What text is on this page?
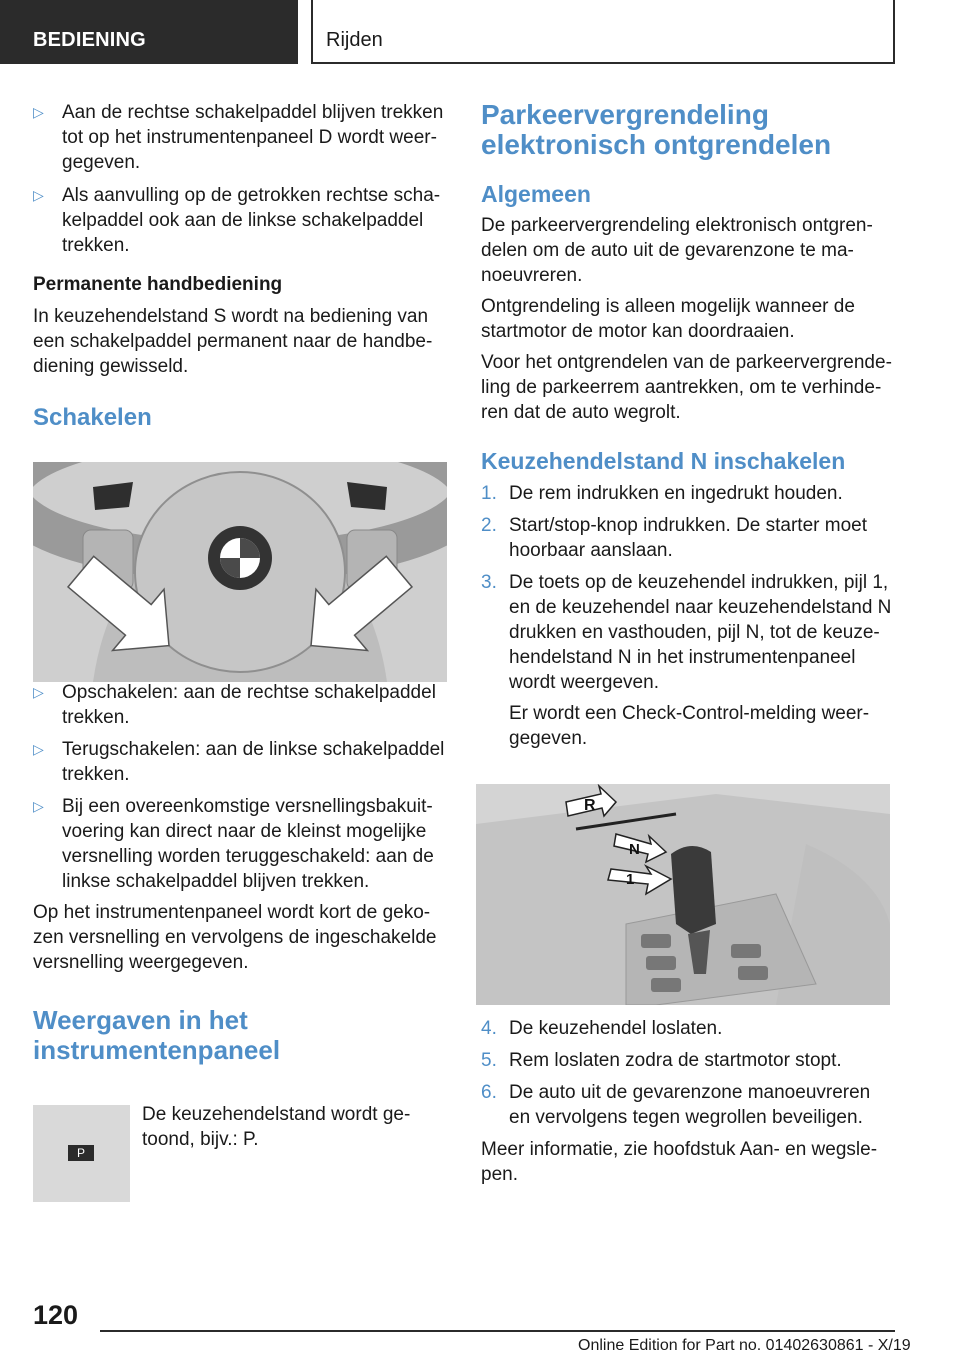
BEDIENING	Rijden

▷ Aan de rechtse schakelpaddel blijven trekken tot op het instrumentenpaneel D wordt weergegeven.

▷ Als aanvulling op de getrokken rechtse schakelpaddel ook aan de linkse schakelpaddel trekken.

Permanente handbediening

In keuzehendelstand S wordt na bediening van een schakelpaddel permanent naar de handbediening gewisseld.

Schakelen

▷ Opschakelen: aan de rechtse schakelpaddel trekken.

▷ Terugschakelen: aan de linkse schakelpaddel trekken.

▷ Bij een overeenkomstige versnellingsbakuitvoering kan direct naar de kleinst mogelijke versnelling worden teruggeschakeld: aan de linkse schakelpaddel blijven trekken.

Op het instrumentenpaneel wordt kort de gekozen versnelling en vervolgens de ingeschakelde versnelling weergegeven.

Weergaven in het instrumentenpaneel

De keuzehendelstand wordt getoond, bijv.: P.

P

Parkeervergrendeling elektronisch ontgrendelen

Algemeen

De parkeervergrendeling elektronisch ontgrendelen om de auto uit de gevarenzone te manoeuvreren.

Ontgrendeling is alleen mogelijk wanneer de startmotor de motor kan doordraaien.

Voor het ontgrendelen van de parkeervergrendeling de parkeerrem aantrekken, om te verhinderen dat de auto wegrolt.

Keuzehendelstand N inschakelen

1. De rem indrukken en ingedrukt houden.

2. Start/stop-knop indrukken. De starter moet hoorbaar aanslaan.

3. De toets op de keuzehendel indrukken, pijl 1, en de keuzehendel naar keuzehendelstand N drukken en vasthouden, pijl N, tot de keuzehendelstand N in het instrumentenpaneel wordt weergeven.

Er wordt een Check-Control-melding weergegeven.

4. De keuzehendel loslaten.

5. Rem loslaten zodra de startmotor stopt.

6. De auto uit de gevarenzone manoeuvreren en vervolgens tegen wegrollen beveiligen.

Meer informatie, zie hoofdstuk Aan- en wegslepen.

R
N
1
120
Online Edition for Part no. 01402630861 - X/19
